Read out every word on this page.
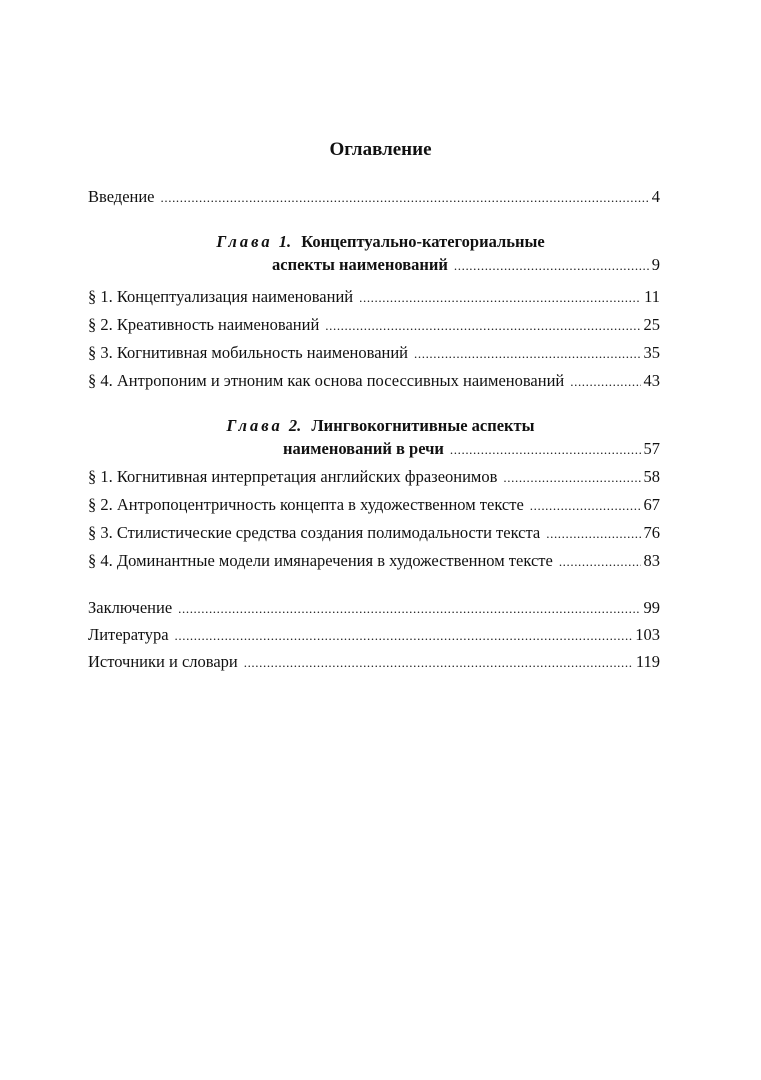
Оглавление
Введение .....	4
Глава 1. Концептуально-категориальные
аспекты наименований .....	9
§ 1. Концептуализация наименований .....	11
§ 2. Креативность наименований .....	25
§ 3. Когнитивная мобильность наименований .....	35
§ 4. Антропоним и этноним как основа посессивных наименований .....	43
Глава 2. Лингвокогнитивные аспекты
наименований в речи .....	57
§ 1. Когнитивная интерпретация английских фразеонимов .....	58
§ 2. Антропоцентричность концепта в художественном тексте .....	67
§ 3. Стилистические средства создания полимодальности текста .....	76
§ 4. Доминантные модели имянаречения в художественном тексте .....	83
Заключение .....	99
Литература .....	103
Источники и словари .....	119
